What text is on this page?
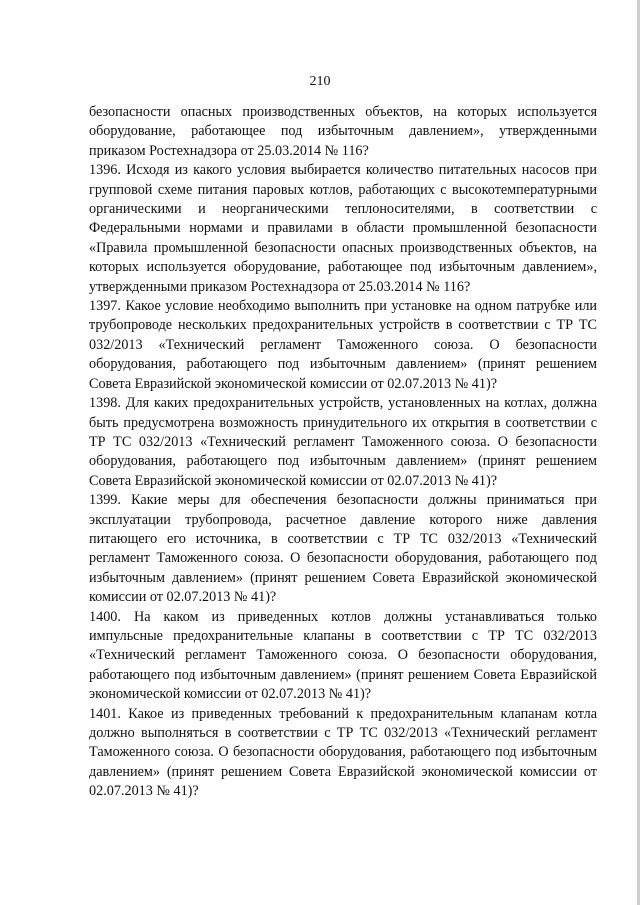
210

безопасности опасных производственных объектов, на которых используется оборудование, работающее под избыточным давлением», утвержденными приказом Ростехнадзора от 25.03.2014 № 116?

1396. Исходя из какого условия выбирается количество питательных насосов при групповой схеме питания паровых котлов, работающих с высокотемпературными органическими и неорганическими теплоносителями, в соответствии с Федеральными нормами и правилами в области промышленной безопасности «Правила промышленной безопасности опасных производственных объектов, на которых используется оборудование, работающее под избыточным давлением», утвержденными приказом Ростехнадзора от 25.03.2014 № 116?

1397. Какое условие необходимо выполнить при установке на одном патрубке или трубопроводе нескольких предохранительных устройств в соответствии с ТР ТС 032/2013 «Технический регламент Таможенного союза. О безопасности оборудования, работающего под избыточным давлением» (принят решением Совета Евразийской экономической комиссии от 02.07.2013 № 41)?

1398. Для каких предохранительных устройств, установленных на котлах, должна быть предусмотрена возможность принудительного их открытия в соответствии с ТР ТС 032/2013 «Технический регламент Таможенного союза. О безопасности оборудования, работающего под избыточным давлением» (принят решением Совета Евразийской экономической комиссии от 02.07.2013 № 41)?

1399. Какие меры для обеспечения безопасности должны приниматься при эксплуатации трубопровода, расчетное давление которого ниже давления питающего его источника, в соответствии с ТР ТС 032/2013 «Технический регламент Таможенного союза. О безопасности оборудования, работающего под избыточным давлением» (принят решением Совета Евразийской экономической комиссии от 02.07.2013 № 41)?

1400. На каком из приведенных котлов должны устанавливаться только импульсные предохранительные клапаны в соответствии с ТР ТС 032/2013 «Технический регламент Таможенного союза. О безопасности оборудования, работающего под избыточным давлением» (принят решением Совета Евразийской экономической комиссии от 02.07.2013 № 41)?

1401. Какое из приведенных требований к предохранительным клапанам котла должно выполняться в соответствии с ТР ТС 032/2013 «Технический регламент Таможенного союза. О безопасности оборудования, работающего под избыточным давлением» (принят решением Совета Евразийской экономической комиссии от 02.07.2013 № 41)?
